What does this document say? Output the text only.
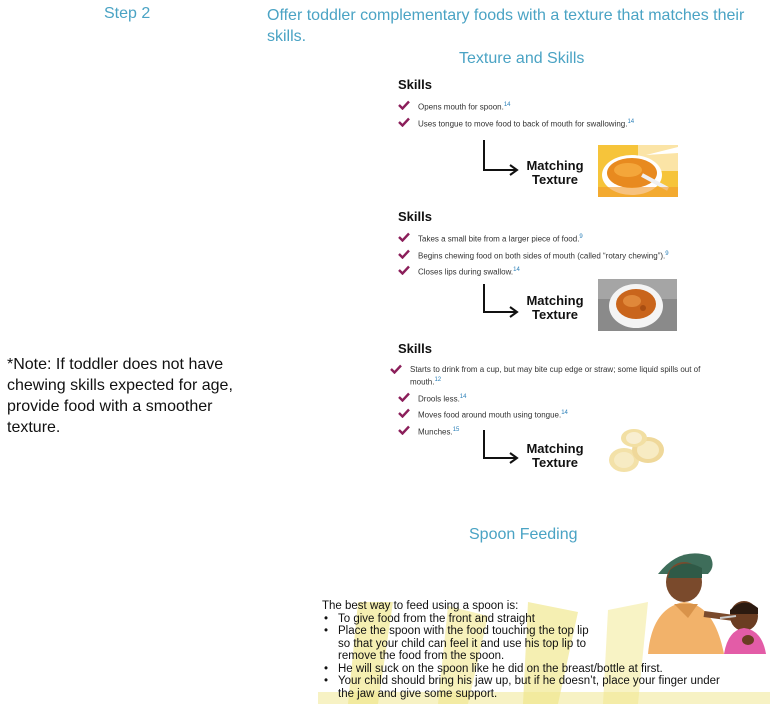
Step 2	Offer toddler complementary foods with a texture that matches their skills.
Texture and Skills
*Note: If toddler does not have chewing skills expected for age, provide food with a smoother texture.
Skills
Opens mouth for spoon.$^{14}$
Uses tongue to move food to back of mouth for swallowing.$^{14}$
Matching
Texture
Skills
Takes a small bite from a larger piece of food.$^9$
Begins chewing food on both sides of mouth (called “rotary chewing”).$^9$
Closes lips during swallow.$^{14}$
Matching
Texture
Skills
Starts to drink from a cup, but may bite cup edge or straw; some liquid spills out of mouth.$^{12}$
Drools less.$^{14}$
Moves food around mouth using tongue.$^{14}$
Munches.$^{15}$
Matching
Texture
Spoon Feeding
The best way to feed using a spoon is:
• To give food from the front and straight
• Place the spoon with the food touching the top lip so that your child can feel it and use his top lip to remove the food from the spoon.
• He will suck on the spoon like he did on the breast/bottle at first.
• Your child should bring his jaw up, but if he doesn’t, place your finger under the jaw and give some support.
